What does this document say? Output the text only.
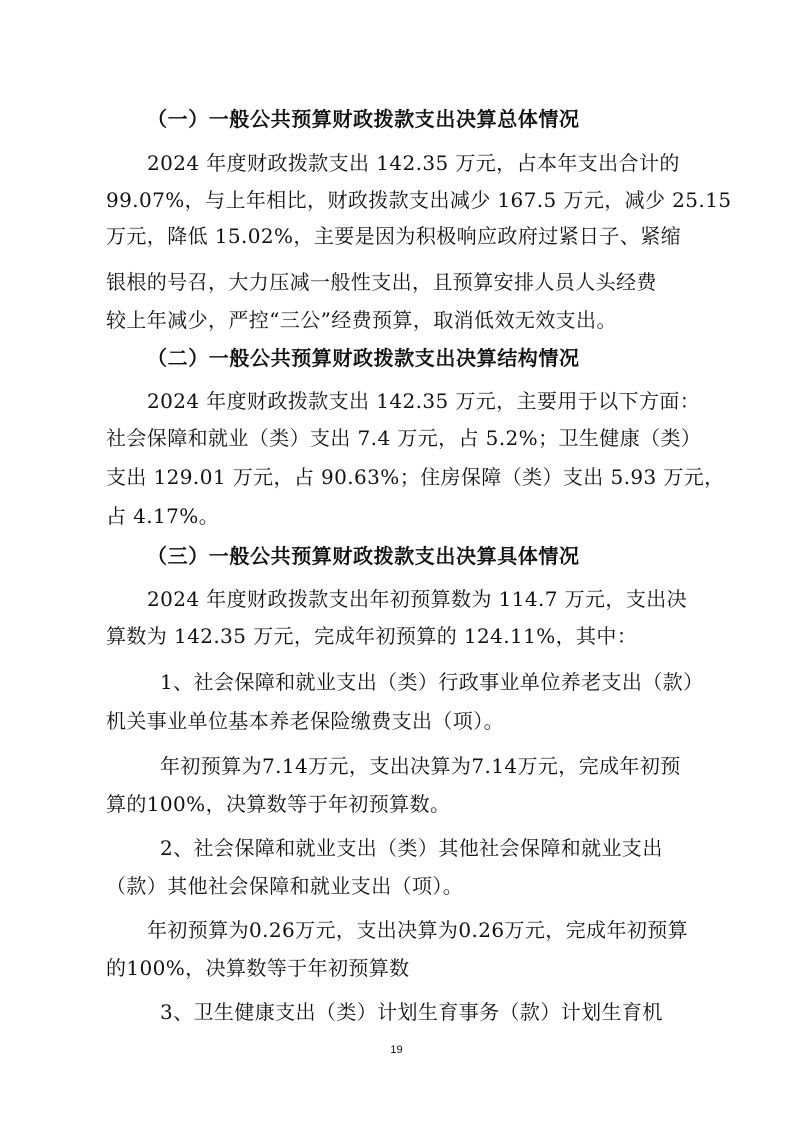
（一）一般公共预算财政拨款支出决算总体情况
2024 年度财政拨款支出 142.35 万元，占本年支出合计的
99.07%，与上年相比，财政拨款支出减少 167.5 万元，减少 25.15
万元，降低 15.02%，主要是因为积极响应政府过紧日子、紧缩
银根的号召，大力压减一般性支出，且预算安排人员人头经费
较上年减少，严控“三公”经费预算，取消低效无效支出。
（二）一般公共预算财政拨款支出决算结构情况
2024 年度财政拨款支出 142.35 万元，主要用于以下方面：
社会保障和就业（类）支出 7.4 万元，占 5.2%；卫生健康（类）
支出 129.01 万元，占 90.63%；住房保障（类）支出 5.93 万元，
占 4.17%。
（三）一般公共预算财政拨款支出决算具体情况
2024 年度财政拨款支出年初预算数为 114.7 万元，支出决
算数为 142.35 万元，完成年初预算的 124.11%，其中：
1、社会保障和就业支出（类）行政事业单位养老支出（款）
机关事业单位基本养老保险缴费支出（项）。
年初预算为7.14万元，支出决算为7.14万元，完成年初预
算的100%，决算数等于年初预算数。
2、社会保障和就业支出（类）其他社会保障和就业支出
（款）其他社会保障和就业支出（项）。
年初预算为0.26万元，支出决算为0.26万元，完成年初预算
的100%，决算数等于年初预算数
3、卫生健康支出（类）计划生育事务（款）计划生育机
19
